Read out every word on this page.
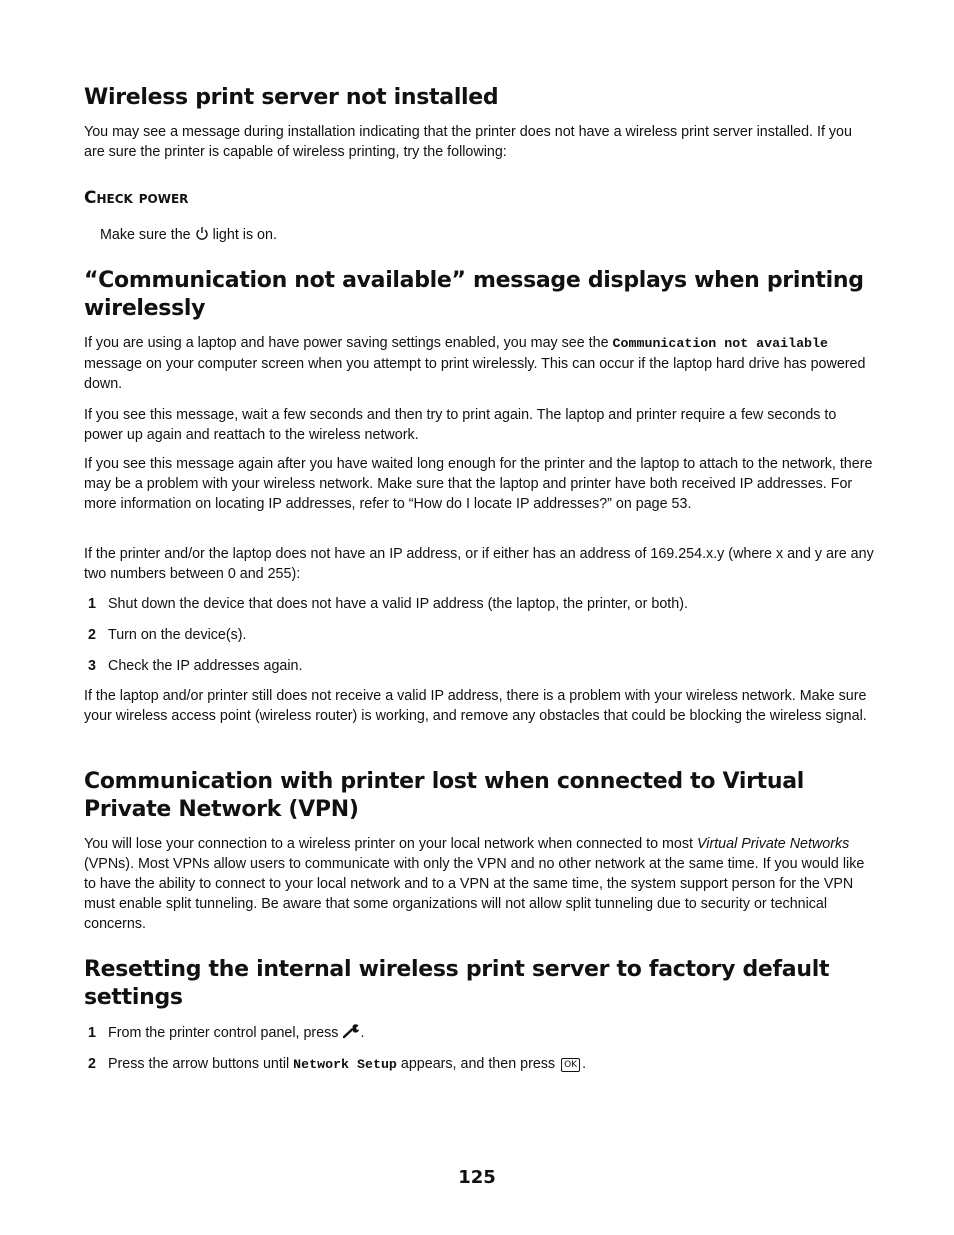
Wireless print server not installed

You may see a message during installation indicating that the printer does not have a wireless print server installed. If you are sure the printer is capable of wireless printing, try the following:

Check power

Make sure the light is on.

“Communication not available” message displays when printing wirelessly

If you are using a laptop and have power saving settings enabled, you may see the Communication not available message on your computer screen when you attempt to print wirelessly. This can occur if the laptop hard drive has powered down.

If you see this message, wait a few seconds and then try to print again. The laptop and printer require a few seconds to power up again and reattach to the wireless network.

If you see this message again after you have waited long enough for the printer and the laptop to attach to the network, there may be a problem with your wireless network. Make sure that the laptop and printer have both received IP addresses. For more information on locating IP addresses, refer to “How do I locate IP addresses?” on page 53.

If the printer and/or the laptop does not have an IP address, or if either has an address of 169.254.x.y (where x and y are any two numbers between 0 and 255):

1 Shut down the device that does not have a valid IP address (the laptop, the printer, or both).
2 Turn on the device(s).
3 Check the IP addresses again.

If the laptop and/or printer still does not receive a valid IP address, there is a problem with your wireless network. Make sure your wireless access point (wireless router) is working, and remove any obstacles that could be blocking the wireless signal.

Communication with printer lost when connected to Virtual Private Network (VPN)

You will lose your connection to a wireless printer on your local network when connected to most Virtual Private Networks (VPNs). Most VPNs allow users to communicate with only the VPN and no other network at the same time. If you would like to have the ability to connect to your local network and to a VPN at the same time, the system support person for the VPN must enable split tunneling. Be aware that some organizations will not allow split tunneling due to security or technical concerns.

Resetting the internal wireless print server to factory default settings
1 From the printer control panel, press .
2 Press the arrow buttons until Network Setup appears, and then press OK .
125
